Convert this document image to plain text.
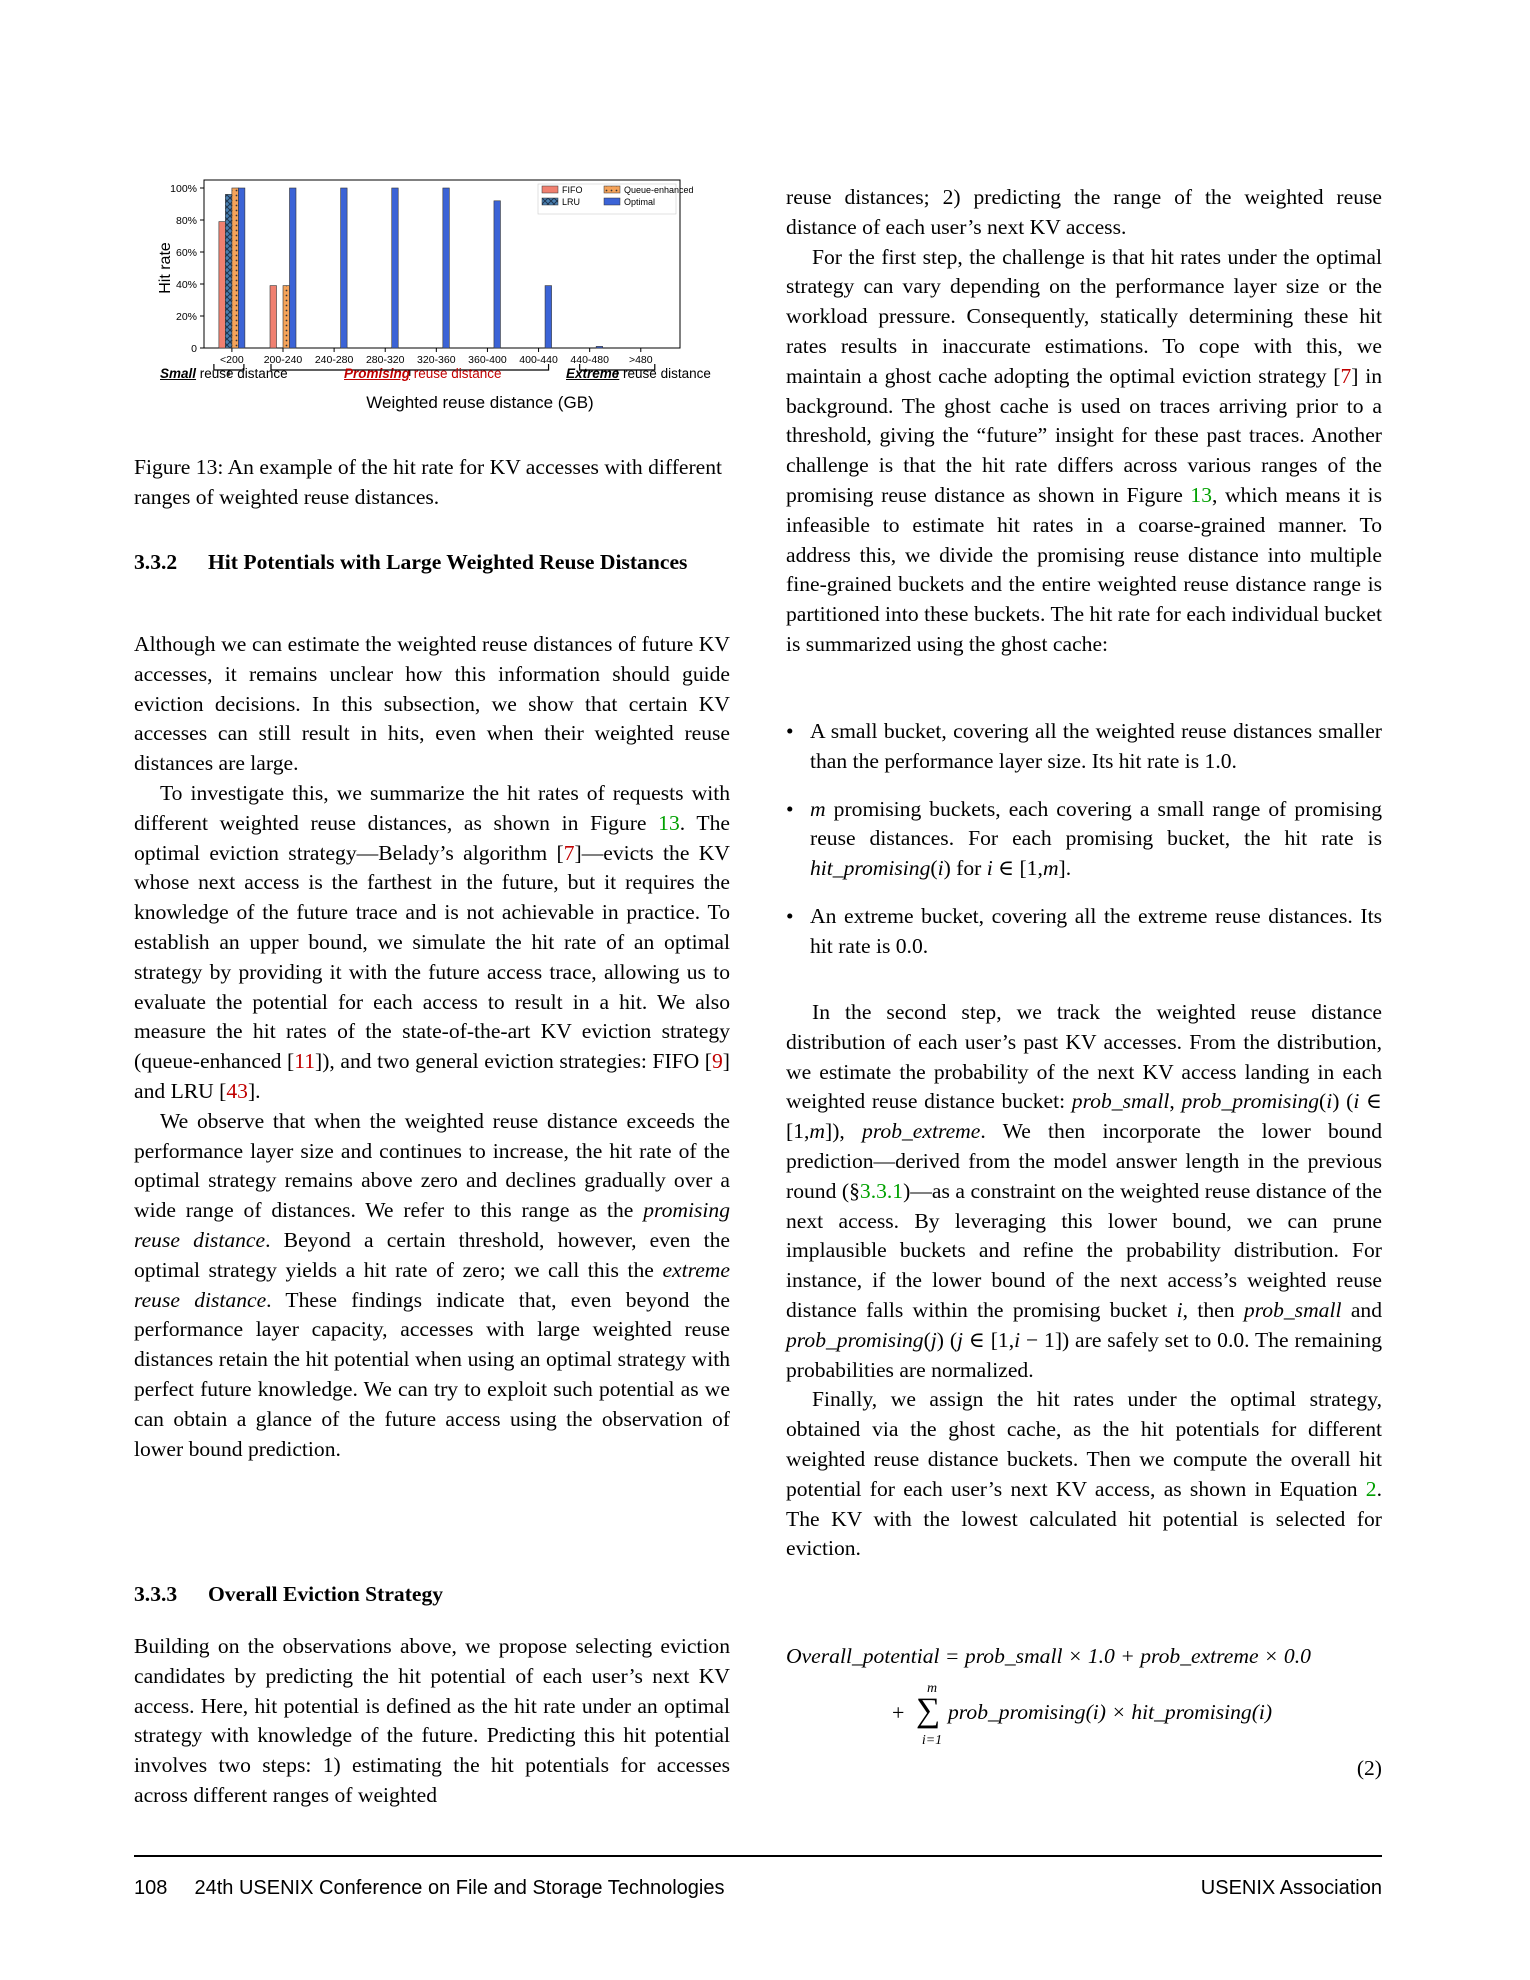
0
20%
40%
60%
80%
100%
Hit rate
<200 200-240 240-280 280-320 320-360 360-400 400-440 440-480 >480
FIFO
LRU
Queue-enhanced
Optimal
Small reuse distance	Promising reuse distance	Extreme reuse distance
Weighted reuse distance (GB)

Figure 13: An example of the hit rate for KV accesses with different ranges of weighted reuse distances.

3.3.2	Hit Potentials with Large Weighted Reuse Distances

Although we can estimate the weighted reuse distances of future KV accesses, it remains unclear how this information should guide eviction decisions. In this subsection, we show that certain KV accesses can still result in hits, even when their weighted reuse distances are large.

To investigate this, we summarize the hit rates of requests with different weighted reuse distances, as shown in Figure 13. The optimal eviction strategy—Belady’s algorithm [7]—evicts the KV whose next access is the farthest in the future, but it requires the knowledge of the future trace and is not achievable in practice. To establish an upper bound, we simulate the hit rate of an optimal strategy by providing it with the future access trace, allowing us to evaluate the potential for each access to result in a hit. We also measure the hit rates of the state-of-the-art KV eviction strategy (queue-enhanced [11]), and two general eviction strategies: FIFO [9] and LRU [43].

We observe that when the weighted reuse distance exceeds the performance layer size and continues to increase, the hit rate of the optimal strategy remains above zero and declines gradually over a wide range of distances. We refer to this range as the promising reuse distance. Beyond a certain threshold, however, even the optimal strategy yields a hit rate of zero; we call this the extreme reuse distance. These findings indicate that, even beyond the performance layer capacity, accesses with large weighted reuse distances retain the hit potential when using an optimal strategy with perfect future knowledge. We can try to exploit such potential as we can obtain a glance of the future access using the observation of lower bound prediction.

3.3.3	Overall Eviction Strategy

Building on the observations above, we propose selecting eviction candidates by predicting the hit potential of each user’s next KV access. Here, hit potential is defined as the hit rate under an optimal strategy with knowledge of the future. Predicting this hit potential involves two steps: 1) estimating the hit potentials for accesses across different ranges of weighted

reuse distances; 2) predicting the range of the weighted reuse distance of each user’s next KV access.

For the first step, the challenge is that hit rates under the optimal strategy can vary depending on the performance layer size or the workload pressure. Consequently, statically determining these hit rates results in inaccurate estimations. To cope with this, we maintain a ghost cache adopting the optimal eviction strategy [7] in background. The ghost cache is used on traces arriving prior to a threshold, giving the “future” insight for these past traces. Another challenge is that the hit rate differs across various ranges of the promising reuse distance as shown in Figure 13, which means it is infeasible to estimate hit rates in a coarse-grained manner. To address this, we divide the promising reuse distance into multiple fine-grained buckets and the entire weighted reuse distance range is partitioned into these buckets. The hit rate for each individual bucket is summarized using the ghost cache:

• A small bucket, covering all the weighted reuse distances smaller than the performance layer size. Its hit rate is 1.0.
• m promising buckets, each covering a small range of promising reuse distances. For each promising bucket, the hit rate is hit_promising(i) for i ∈ [1,m].
• An extreme bucket, covering all the extreme reuse distances. Its hit rate is 0.0.

In the second step, we track the weighted reuse distance distribution of each user’s past KV accesses. From the distribution, we estimate the probability of the next KV access landing in each weighted reuse distance bucket: prob_small, prob_promising(i) (i ∈ [1,m]), prob_extreme. We then incorporate the lower bound prediction—derived from the model answer length in the previous round (§3.3.1)—as a constraint on the weighted reuse distance of the next access. By leveraging this lower bound, we can prune implausible buckets and refine the probability distribution. For instance, if the lower bound of the next access’s weighted reuse distance falls within the promising bucket i, then prob_small and prob_promising(j) (j ∈ [1,i − 1]) are safely set to 0.0. The remaining probabilities are normalized.

Finally, we assign the hit rates under the optimal strategy, obtained via the ghost cache, as the hit potentials for different weighted reuse distance buckets. Then we compute the overall hit potential for each user’s next KV access, as shown in Equation 2. The KV with the lowest calculated hit potential is selected for eviction.

Overall_potential = prob_small × 1.0 + prob_extreme × 0.0
+
m
∑
i=1
prob_promising(i) × hit_promising(i)
(2)
108 24th USENIX Conference on File and Storage Technologies	USENIX Association
